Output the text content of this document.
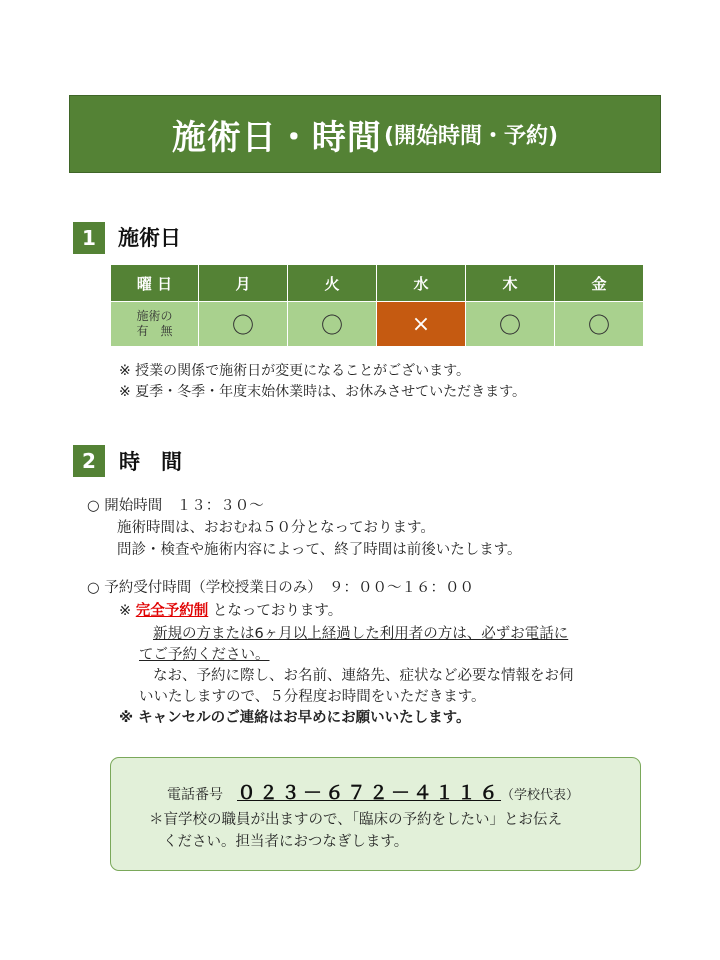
施術日・時間 (開始時間・予約)
1	施術日
曜 日	月	火	水	木	金

施術の
有　無	〇	〇	×	〇	〇
※ 授業の関係で施術日が変更になることがございます。
※ 夏季・冬季・年度末始休業時は、お休みさせていただきます。
2	時　間
○ 開始時間　１３：３０～
施術時間は、おおむね５０分となっております。
問診・検査や施術内容によって、終了時間は前後いたします。
○ 予約受付時間（学校授業日のみ）　９：００～１６：００
※ 完全予約制 となっております。
新規の方または6ヶ月以上経過した利用者の方は、必ずお電話に
てご予約ください。
なお、予約に際し、お名前、連絡先、症状など必要な情報をお伺
いいたしますので、５分程度お時間をいただきます。
※ キャンセルのご連絡はお早めにお願いいたします。
電話番号 ０２３－６７２－４１１６ （学校代表）
＊盲学校の職員が出ますので、「臨床の予約をしたい」とお伝え
ください。担当者におつなぎします。
